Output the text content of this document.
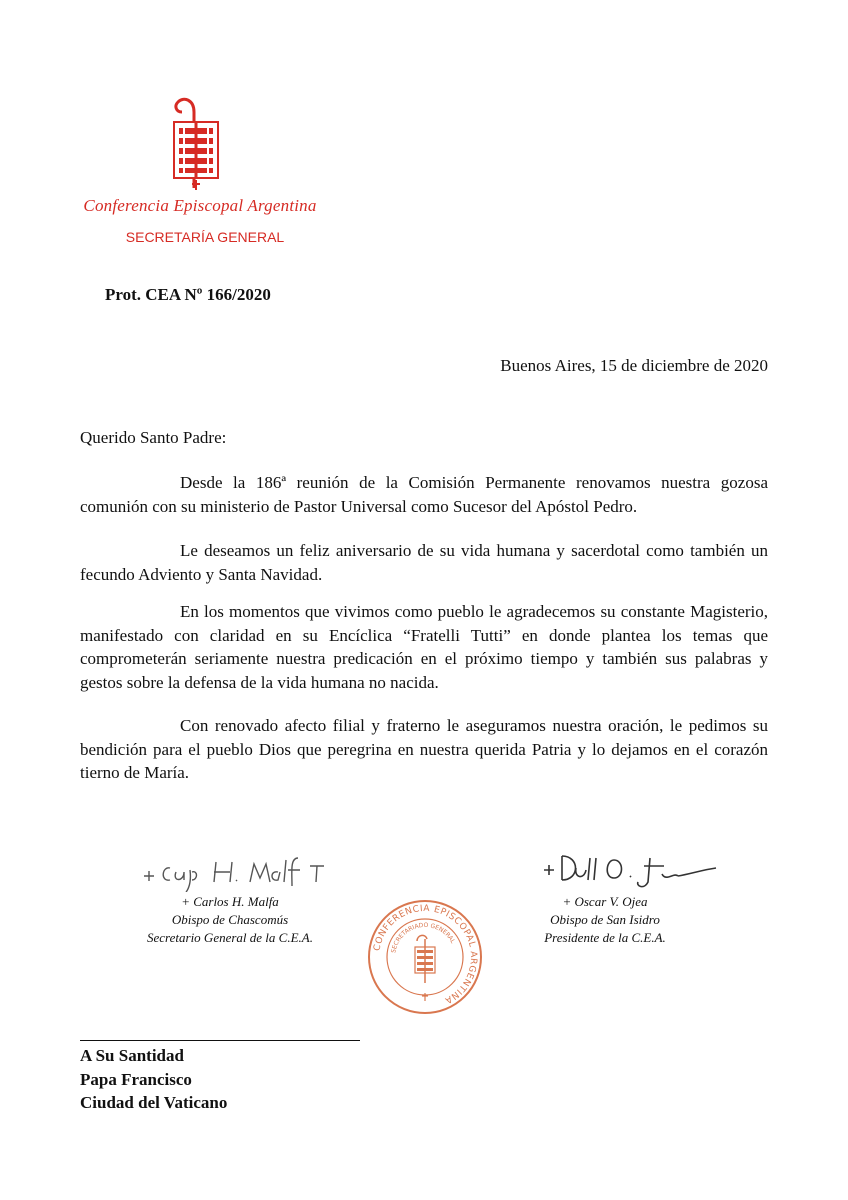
Conferencia Episcopal Argentina
SECRETARÍA GENERAL
Prot. CEA Nº 166/2020
Buenos Aires, 15 de diciembre de 2020
Querido Santo Padre:

Desde la 186ª reunión de la Comisión Permanente renovamos nuestra gozosa comunión con su ministerio de Pastor Universal como Sucesor del Apóstol Pedro.

Le deseamos un feliz aniversario de su vida humana y sacerdotal como también un fecundo Adviento y Santa Navidad.

En los momentos que vivimos como pueblo le agradecemos su constante Magisterio, manifestado con claridad en su Encíclica “Fratelli Tutti” en donde plantea los temas que comprometerán seriamente nuestra predicación en el próximo tiempo y también sus palabras y gestos sobre la defensa de la vida humana no nacida.

Con renovado afecto filial y fraterno le aseguramos nuestra oración, le pedimos su bendición para el pueblo Dios que peregrina en nuestra querida Patria y lo dejamos en el corazón tierno de María.

+ Carlos H. Malfa
Obispo de Chascomús
Secretario General de la C.E.A.
+ Oscar V. Ojea
Obispo de San Isidro
Presidente de la C.E.A.
CONFERENCIA EPISCOPAL ARGENTINA
SECRETARIADO GENERAL
A Su Santidad
Papa Francisco
Ciudad del Vaticano
